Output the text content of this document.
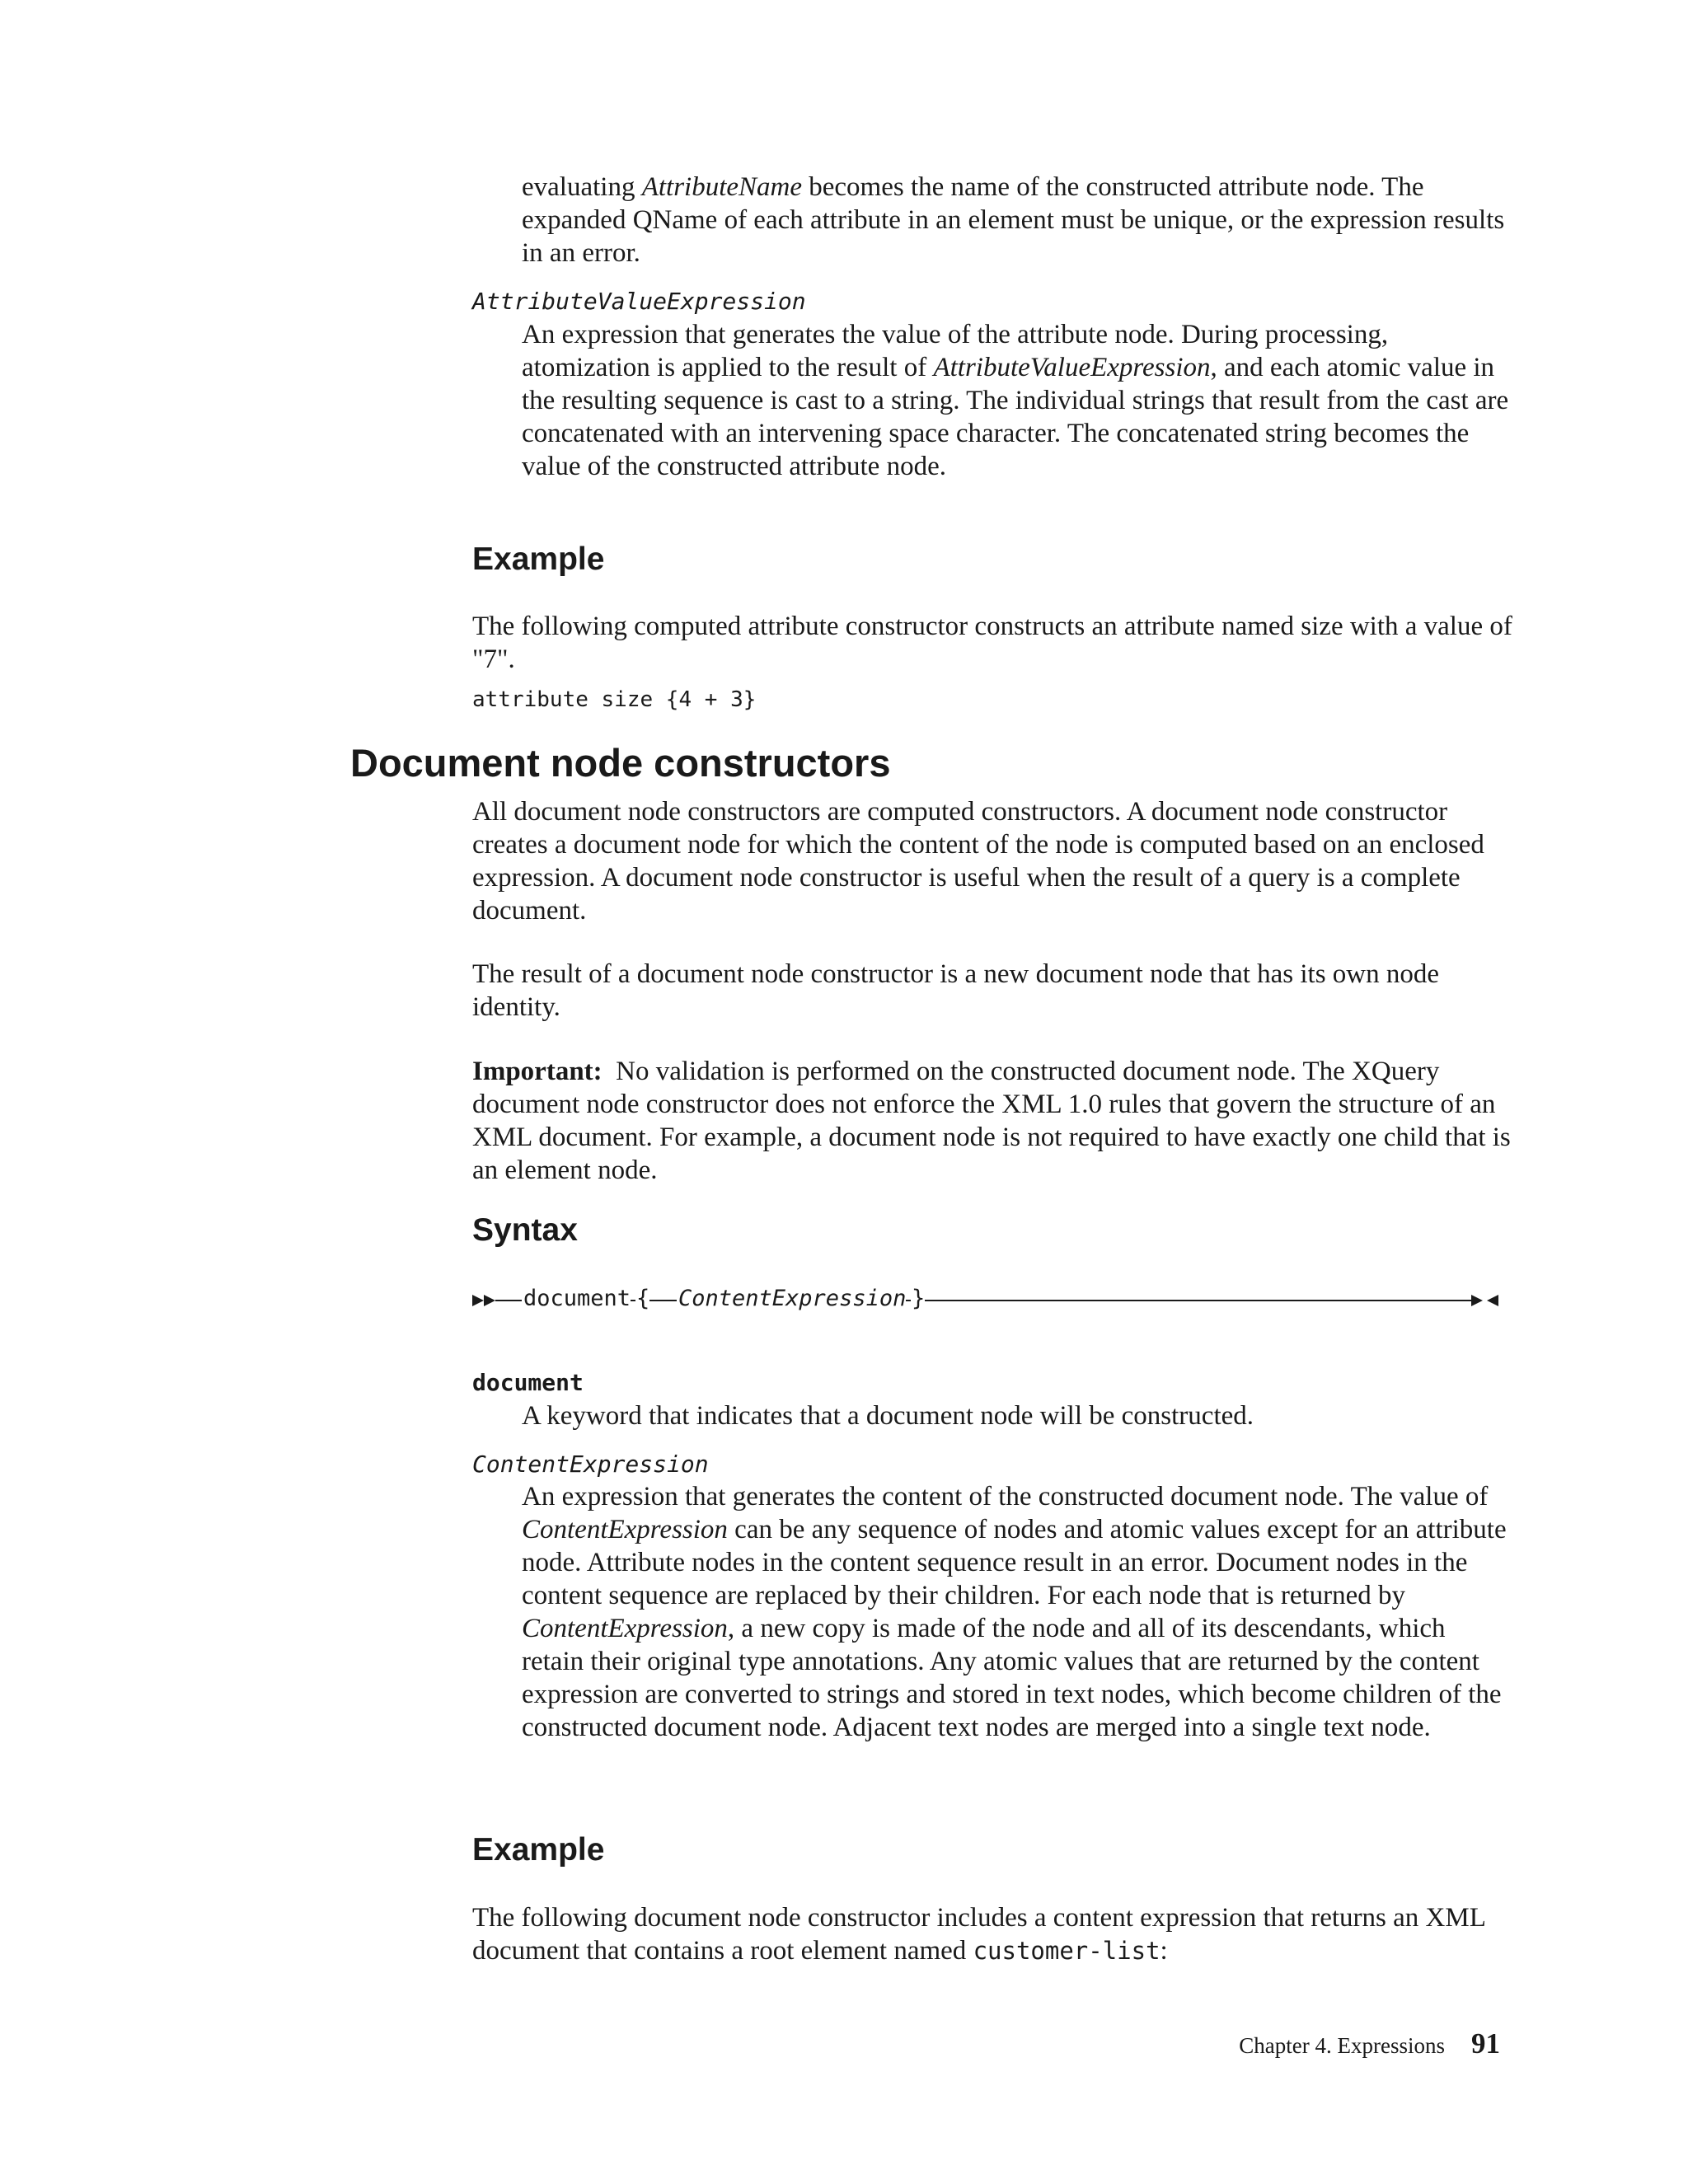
evaluating AttributeName becomes the name of the constructed attribute node. The expanded QName of each attribute in an element must be unique, or the expression results in an error.

AttributeValueExpression

An expression that generates the value of the attribute node. During processing, atomization is applied to the result of AttributeValueExpression, and each atomic value in the resulting sequence is cast to a string. The individual strings that result from the cast are concatenated with an intervening space character. The concatenated string becomes the value of the constructed attribute node.

Example

The following computed attribute constructor constructs an attribute named size with a value of "7".

attribute size {4 + 3}
Document node constructors

All document node constructors are computed constructors. A document node constructor creates a document node for which the content of the node is computed based on an enclosed expression. A document node constructor is useful when the result of a query is a complete document.

The result of a document node constructor is a new document node that has its own node identity.

Important: No validation is performed on the constructed document node. The XQuery document node constructor does not enforce the XML 1.0 rules that govern the structure of an XML document. For example, a document node is not required to have exactly one child that is an element node.

Syntax
document { ContentExpression }
document

A keyword that indicates that a document node will be constructed.

ContentExpression

An expression that generates the content of the constructed document node. The value of ContentExpression can be any sequence of nodes and atomic values except for an attribute node. Attribute nodes in the content sequence result in an error. Document nodes in the content sequence are replaced by their children. For each node that is returned by ContentExpression, a new copy is made of the node and all of its descendants, which retain their original type annotations. Any atomic values that are returned by the content expression are converted to strings and stored in text nodes, which become children of the constructed document node. Adjacent text nodes are merged into a single text node.

Example

The following document node constructor includes a content expression that returns an XML document that contains a root element named customer-list:

Chapter 4. Expressions 91
